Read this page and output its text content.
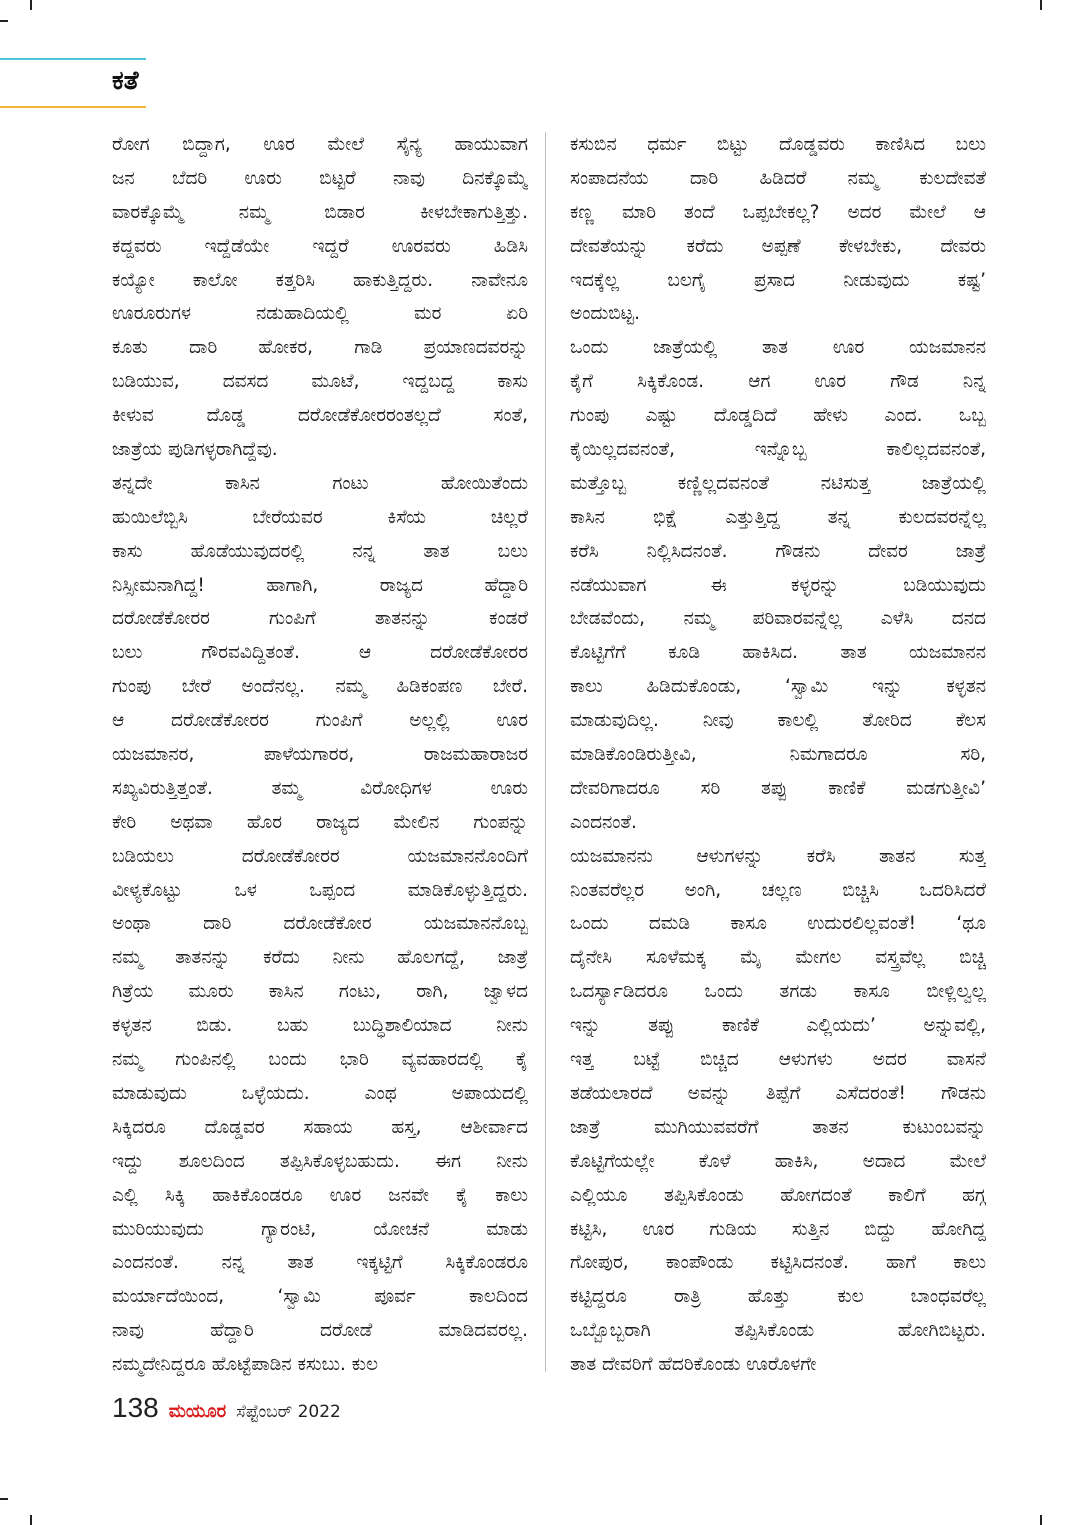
ಕತೆ
ರೋಗ ಬಿದ್ದಾಗ, ಊರ ಮೇಲೆ ಸೈನ್ಯ ಹಾಯುವಾಗ
ಜನ ಬೆದರಿ ಊರು ಬಿಟ್ಟರೆ ನಾವು ದಿನಕ್ಕೊಮ್ಮೆ
ವಾರಕ್ಕೊಮ್ಮೆ ನಮ್ಮ ಬಿಡಾರ ಕೀಳಬೇಕಾಗುತ್ತಿತ್ತು.
ಕದ್ದವರು ಇದ್ದೆಡೆಯೇ ಇದ್ದರೆ ಊರವರು ಹಿಡಿಸಿ
ಕಯ್ಯೋ ಕಾಲೋ ಕತ್ತರಿಸಿ ಹಾಕುತ್ತಿದ್ದರು. ನಾವೇನೂ
ಊರೂರುಗಳ ನಡುಹಾದಿಯಲ್ಲಿ ಮರ ಏರಿ
ಕೂತು ದಾರಿ ಹೋಕರ, ಗಾಡಿ ಪ್ರಯಾಣದವರನ್ನು
ಬಡಿಯುವ, ದವಸದ ಮೂಟೆ, ಇದ್ದಬದ್ದ ಕಾಸು
ಕೀಳುವ ದೊಡ್ಡ ದರೋಡೆಕೋರರಂತಲ್ಲದೆ ಸಂತೆ,
ಜಾತ್ರೆಯ ಪುಡಿಗಳ್ಳರಾಗಿದ್ದೆವು.
ತನ್ನದೇ ಕಾಸಿನ ಗಂಟು ಹೋಯಿತೆಂದು
ಹುಯಿಲೆಬ್ಬಿಸಿ ಬೇರೆಯವರ ಕಿಸೆಯ ಚಿಲ್ಲರೆ
ಕಾಸು ಹೊಡೆಯುವುದರಲ್ಲಿ ನನ್ನ ತಾತ ಬಲು
ನಿಸ್ಸೀಮನಾಗಿದ್ದ! ಹಾಗಾಗಿ, ರಾಜ್ಯದ ಹೆದ್ದಾರಿ
ದರೋಡೆಕೋರರ ಗುಂಪಿಗೆ ತಾತನನ್ನು ಕಂಡರೆ
ಬಲು ಗೌರವವಿದ್ದಿತಂತೆ. ಆ ದರೋಡೆಕೋರರ
ಗುಂಪು ಬೇರೆ ಅಂದೆನಲ್ಲ. ನಮ್ಮ ಹಿಡಿಕಂಪಣ ಬೇರೆ.
ಆ ದರೋಡೆಕೋರರ ಗುಂಪಿಗೆ ಅಲ್ಲಲ್ಲಿ ಊರ
ಯಜಮಾನರ, ಪಾಳೆಯಗಾರರ, ರಾಜಮಹಾರಾಜರ
ಸಖ್ಯವಿರುತ್ತಿತ್ತಂತೆ. ತಮ್ಮ ವಿರೋಧಿಗಳ ಊರು
ಕೇರಿ ಅಥವಾ ಹೊರ ರಾಜ್ಯದ ಮೇಲಿನ ಗುಂಪನ್ನು
ಬಡಿಯಲು ದರೋಡೆಕೋರರ ಯಜಮಾನನೊಂದಿಗೆ
ವೀಳ್ಯಕೊಟ್ಟು ಒಳ ಒಪ್ಪಂದ ಮಾಡಿಕೊಳ್ಳುತ್ತಿದ್ದರು.
ಅಂಥಾ ದಾರಿ ದರೋಡೆಕೋರ ಯಜಮಾನನೊಬ್ಬ
ನಮ್ಮ ತಾತನನ್ನು ಕರೆದು ನೀನು ಹೊಲಗದ್ದೆ, ಜಾತ್ರೆ
ಗಿತ್ರೆಯ ಮೂರು ಕಾಸಿನ ಗಂಟು, ರಾಗಿ, ಜ್ವಾಳದ
ಕಳ್ಳತನ ಬಿಡು. ಬಹು ಬುದ್ಧಿಶಾಲಿಯಾದ ನೀನು
ನಮ್ಮ ಗುಂಪಿನಲ್ಲಿ ಬಂದು ಭಾರಿ ವ್ಯವಹಾರದಲ್ಲಿ ಕೈ
ಮಾಡುವುದು ಒಳ್ಳೆಯದು. ಎಂಥ ಅಪಾಯದಲ್ಲಿ
ಸಿಕ್ಕಿದರೂ ದೊಡ್ಡವರ ಸಹಾಯ ಹಸ್ತ, ಆಶೀರ್ವಾದ
ಇದ್ದು ಶೂಲದಿಂದ ತಪ್ಪಿಸಿಕೊಳ್ಳಬಹುದು. ಈಗ ನೀನು
ಎಲ್ಲಿ ಸಿಕ್ಕಿ ಹಾಕಿಕೊಂಡರೂ ಊರ ಜನವೇ ಕೈ ಕಾಲು
ಮುರಿಯುವುದು ಗ್ಯಾರಂಟಿ, ಯೋಚನೆ ಮಾಡು
ಎಂದನಂತೆ. ನನ್ನ ತಾತ ಇಕ್ಕಟ್ಟಿಗೆ ಸಿಕ್ಕಿಕೊಂಡರೂ
ಮರ್ಯಾದೆಯಿಂದ, ‘ಸ್ವಾಮಿ ಪೂರ್ವ ಕಾಲದಿಂದ
ನಾವು ಹೆದ್ದಾರಿ ದರೋಡೆ ಮಾಡಿದವರಲ್ಲ.
ನಮ್ಮದೇನಿದ್ದರೂ ಹೊಟ್ಟೆಪಾಡಿನ ಕಸುಬು. ಕುಲ
ಕಸುಬಿನ ಧರ್ಮ ಬಿಟ್ಟು ದೊಡ್ಡವರು ಕಾಣಿಸಿದ ಬಲು
ಸಂಪಾದನೆಯ ದಾರಿ ಹಿಡಿದರೆ ನಮ್ಮ ಕುಲದೇವತೆ
ಕಣ್ಣ ಮಾರಿ ತಂದೆ ಒಪ್ಪಬೇಕಲ್ಲ? ಅದರ ಮೇಲೆ ಆ
ದೇವತೆಯನ್ನು ಕರೆದು ಅಪ್ಪಣೆ ಕೇಳಬೇಕು, ದೇವರು
ಇದಕ್ಕೆಲ್ಲ ಬಲಗೈ ಪ್ರಸಾದ ನೀಡುವುದು ಕಷ್ಟ’
ಅಂದುಬಿಟ್ಟ.
ಒಂದು ಜಾತ್ರೆಯಲ್ಲಿ ತಾತ ಊರ ಯಜಮಾನನ
ಕೈಗೆ ಸಿಕ್ಕಿಕೊಂಡ. ಆಗ ಊರ ಗೌಡ ನಿನ್ನ
ಗುಂಪು ಎಷ್ಟು ದೊಡ್ಡದಿದೆ ಹೇಳು ಎಂದ. ಒಬ್ಬ
ಕೈಯಿಲ್ಲದವನಂತೆ, ಇನ್ನೊಬ್ಬ ಕಾಲಿಲ್ಲದವನಂತೆ,
ಮತ್ತೊಬ್ಬ ಕಣ್ಣಿಲ್ಲದವನಂತೆ ನಟಿಸುತ್ತ ಜಾತ್ರೆಯಲ್ಲಿ
ಕಾಸಿನ ಭಿಕ್ಷೆ ಎತ್ತುತ್ತಿದ್ದ ತನ್ನ ಕುಲದವರನ್ನೆಲ್ಲ
ಕರೆಸಿ ನಿಲ್ಲಿಸಿದನಂತೆ. ಗೌಡನು ದೇವರ ಜಾತ್ರೆ
ನಡೆಯುವಾಗ ಈ ಕಳ್ಳರನ್ನು ಬಡಿಯುವುದು
ಬೇಡವೆಂದು, ನಮ್ಮ ಪರಿವಾರವನ್ನೆಲ್ಲ ಎಳೆಸಿ ದನದ
ಕೊಟ್ಟಿಗೆಗೆ ಕೂಡಿ ಹಾಕಿಸಿದ. ತಾತ ಯಜಮಾನನ
ಕಾಲು ಹಿಡಿದುಕೊಂಡು, ‘ಸ್ವಾಮಿ ಇನ್ನು ಕಳ್ಳತನ
ಮಾಡುವುದಿಲ್ಲ. ನೀವು ಕಾಲಲ್ಲಿ ತೋರಿದ ಕೆಲಸ
ಮಾಡಿಕೊಂಡಿರುತ್ತೀವಿ, ನಿಮಗಾದರೂ ಸರಿ,
ದೇವರಿಗಾದರೂ ಸರಿ ತಪ್ಪು ಕಾಣಿಕೆ ಮಡಗುತ್ತೀವಿ’
ಎಂದನಂತೆ.
ಯಜಮಾನನು ಆಳುಗಳನ್ನು ಕರೆಸಿ ತಾತನ ಸುತ್ತ
ನಿಂತವರೆಲ್ಲರ ಅಂಗಿ, ಚಲ್ಲಣ ಬಿಚ್ಚಿಸಿ ಒದರಿಸಿದರೆ
ಒಂದು ದಮಡಿ ಕಾಸೂ ಉದುರಲಿಲ್ಲವಂತೆ! ‘ಥೂ
ದೈನೇಸಿ ಸೂಳೆಮಕ್ಕ ಮೈ ಮೇಗಲ ವಸ್ತ್ರವೆಲ್ಲ ಬಿಚ್ಚಿ
ಒದರ್ಸ್ಯಾಡಿದರೂ ಒಂದು ತಗಡು ಕಾಸೂ ಬೀಳ್ಲಿಲ್ವಲ್ಲ
ಇನ್ನು ತಪ್ಪು ಕಾಣಿಕೆ ಎಲ್ಲಿಯದು’ ಅನ್ನುವಲ್ಲಿ,
ಇತ್ತ ಬಟ್ಟೆ ಬಿಚ್ಚಿದ ಆಳುಗಳು ಅದರ ವಾಸನೆ
ತಡೆಯಲಾರದೆ ಅವನ್ನು ತಿಪ್ಪೆಗೆ ಎಸೆದರಂತೆ! ಗೌಡನು
ಜಾತ್ರೆ ಮುಗಿಯುವವರೆಗೆ ತಾತನ ಕುಟುಂಬವನ್ನು
ಕೊಟ್ಟಿಗೆಯಲ್ಲೇ ಕೊಳೆ ಹಾಕಿಸಿ, ಅದಾದ ಮೇಲೆ
ಎಲ್ಲಿಯೂ ತಪ್ಪಿಸಿಕೊಂಡು ಹೋಗದಂತೆ ಕಾಲಿಗೆ ಹಗ್ಗ
ಕಟ್ಟಿಸಿ, ಊರ ಗುಡಿಯ ಸುತ್ತಿನ ಬಿದ್ದು ಹೋಗಿದ್ದ
ಗೋಪುರ, ಕಾಂಪೌಂಡು ಕಟ್ಟಿಸಿದನಂತೆ. ಹಾಗೆ ಕಾಲು
ಕಟ್ಟಿದ್ದರೂ ರಾತ್ರಿ ಹೊತ್ತು ಕುಲ ಬಾಂಧವರೆಲ್ಲ
ಒಬ್ಬೊಬ್ಬರಾಗಿ ತಪ್ಪಿಸಿಕೊಂಡು ಹೋಗಿಬಿಟ್ಟರು.
ತಾತ ದೇವರಿಗೆ ಹೆದರಿಕೊಂಡು ಊರೊಳಗೇ
138 ಮಯೂರ ಸೆಪ್ಟೆಂಬರ್ 2022
